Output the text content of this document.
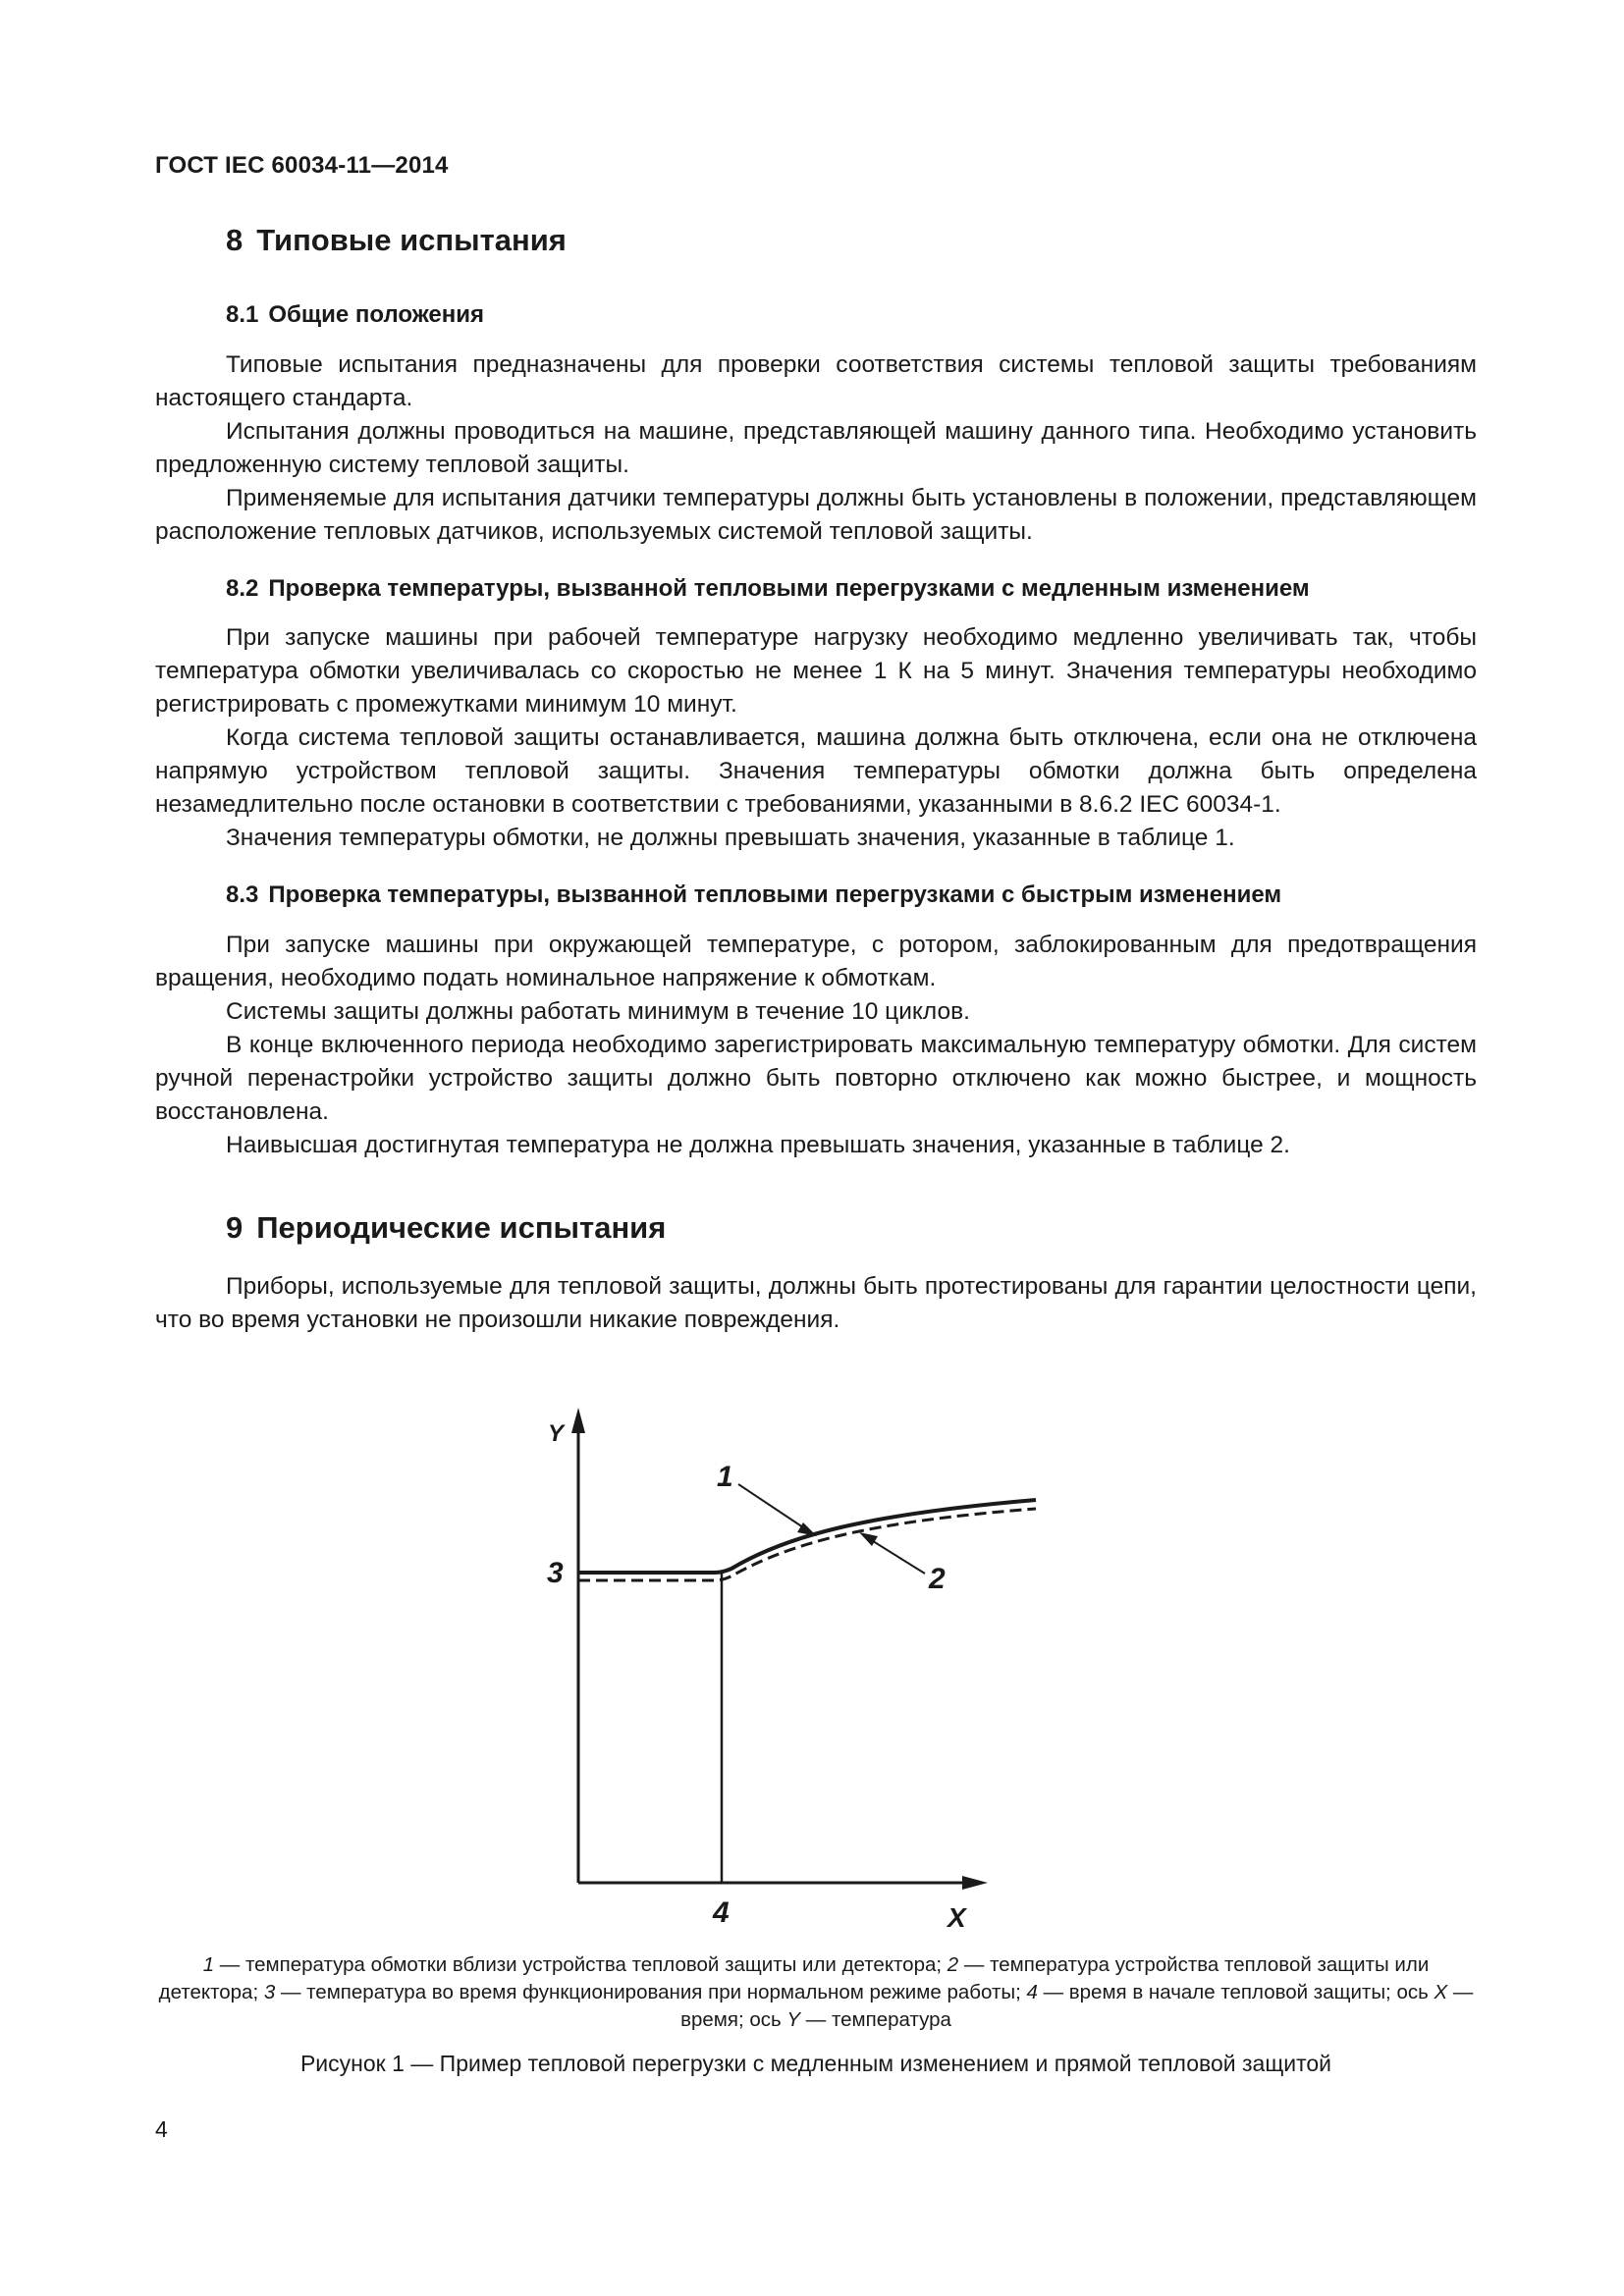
ГОСТ IEC 60034-11—2014
8 Типовые испытания
8.1 Общие положения

Типовые испытания предназначены для проверки соответствия системы тепловой защиты требованиям настоящего стандарта.

Испытания должны проводиться на машине, представляющей машину данного типа. Необходимо установить предложенную систему тепловой защиты.

Применяемые для испытания датчики температуры должны быть установлены в положении, представляющем расположение тепловых датчиков, используемых системой тепловой защиты.

8.2 Проверка температуры, вызванной тепловыми перегрузками с медленным изменением

При запуске машины при рабочей температуре нагрузку необходимо медленно увеличивать так, чтобы температура обмотки увеличивалась со скоростью не менее 1 К на 5 минут. Значения температуры необходимо регистрировать с промежутками минимум 10 минут.

Когда система тепловой защиты останавливается, машина должна быть отключена, если она не отключена напрямую устройством тепловой защиты. Значения температуры обмотки должна быть определена незамедлительно после остановки в соответствии с требованиями, указанными в 8.6.2 IEC 60034-1.

Значения температуры обмотки, не должны превышать значения, указанные в таблице 1.

8.3 Проверка температуры, вызванной тепловыми перегрузками с быстрым изменением

При запуске машины при окружающей температуре, с ротором, заблокированным для предотвращения вращения, необходимо подать номинальное напряжение к обмоткам.

Системы защиты должны работать минимум в течение 10 циклов.

В конце включенного периода необходимо зарегистрировать максимальную температуру обмотки. Для систем ручной перенастройки устройство защиты должно быть повторно отключено как можно быстрее, и мощность восстановлена.

Наивысшая достигнутая температура не должна превышать значения, указанные в таблице 2.

9 Периодические испытания

Приборы, используемые для тепловой защиты, должны быть протестированы для гарантии целостности цепи, что во время установки не произошли никакие повреждения.

Y
X
1
2
3
4
1 — температура обмотки вблизи устройства тепловой защиты или детектора; 2 — температура устройства тепловой защиты или детектора; 3 — температура во время функционирования при нормальном режиме работы; 4 — время в начале тепловой защиты; ось X — время; ось Y — температура
Рисунок 1 — Пример тепловой перегрузки с медленным изменением и прямой тепловой защитой
4
